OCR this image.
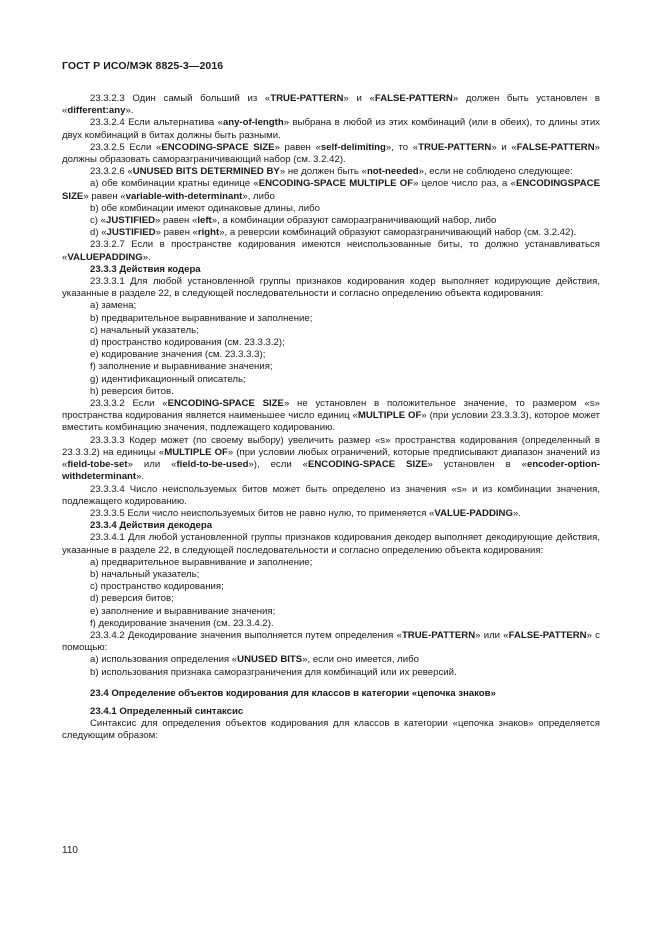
ГОСТ Р ИСО/МЭК 8825-3—2016

23.3.2.3 Один самый больший из «TRUE-PATTERN» и «FALSE-PATTERN» должен быть установлен в «different:any».

23.3.2.4 Если альтернатива «any-of-length» выбрана в любой из этих комбинаций (или в обеих), то длины этих двух комбинаций в битах должны быть разными.

23.3.2.5 Если «ENCODING-SPACE SIZE» равен «self-delimiting», то «TRUE-PATTERN» и «FALSE-PATTERN» должны образовать саморазграничивающий набор (см. 3.2.42).

23.3.2.6 «UNUSED BITS DETERMINED BY» не должен быть «not-needed», если не соблюдено следующее:

a) обе комбинации кратны единице «ENCODING-SPACE MULTIPLE OF» целое число раз, а «ENCODINGSPACE SIZE» равен «variable-with-determinant», либо

b) обе комбинации имеют одинаковые длины, либо

c) «JUSTIFIED» равен «left», а комбинации образуют саморазграничивающий набор, либо

d) «JUSTIFIED» равен «right», а реверсии комбинаций образуют саморазграничивающий набор (см. 3.2.42).

23.3.2.7 Если в пространстве кодирования имеются неиспользованные биты, то должно устанавливаться «VALUEPADDING».

23.3.3 Действия кодера

23.3.3.1 Для любой установленной группы признаков кодирования кодер выполняет кодирующие действия, указанные в разделе 22, в следующей последовательности и согласно определению объекта кодирования:

a) замена;

b) предварительное выравнивание и заполнение;

c) начальный указатель;

d) пространство кодирования (см. 23.3.3.2);

e) кодирование значения (см. 23.3.3.3);

f) заполнение и выравнивание значения;

g) идентификационный описатель;

h) реверсия битов.

23.3.3.2 Если «ENCODING-SPACE SIZE» не установлен в положительное значение, то размером «s» пространства кодирования является наименьшее число единиц «MULTIPLE OF» (при условии 23.3.3.3), которое может вместить комбинацию значения, подлежащего кодированию.

23.3.3.3 Кодер может (по своему выбору) увеличить размер «s» пространства кодирования (определенный в 23.3.3.2) на единицы «MULTIPLE OF» (при условии любых ограничений, которые предписывают диапазон значений из «field-tobe-set» или «field-to-be-used»), если «ENCODING-SPACE SIZE» установлен в «encoder-option-withdeterminant».

23.3.3.4 Число неиспользуемых битов может быть определено из значения «s» и из комбинации значения, подлежащего кодированию.

23.3.3.5 Если число неиспользуемых битов не равно нулю, то применяется «VALUE-PADDING».

23.3.4 Действия декодера

23.3.4.1 Для любой установленной группы признаков кодирования декодер выполняет декодирующие действия, указанные в разделе 22, в следующей последовательности и согласно определению объекта кодирования:

a) предварительное выравнивание и заполнение;

b) начальный указатель;

c) пространство кодирования;

d) реверсия битов;

e) заполнение и выравнивание значения;

f) декодирование значения (см. 23.3.4.2).

23.3.4.2 Декодирование значения выполняется путем определения «TRUE-PATTERN» или «FALSE-PATTERN» с помощью:

a) использования определения «UNUSED BITS», если оно имеется, либо

b) использования признака саморазграничения для комбинаций или их реверсий.

23.4 Определение объектов кодирования для классов в категории «цепочка знаков»

23.4.1 Определенный синтаксис

Синтаксис для определения объектов кодирования для классов в категории «цепочка знаков» определяется следующим образом:

110
